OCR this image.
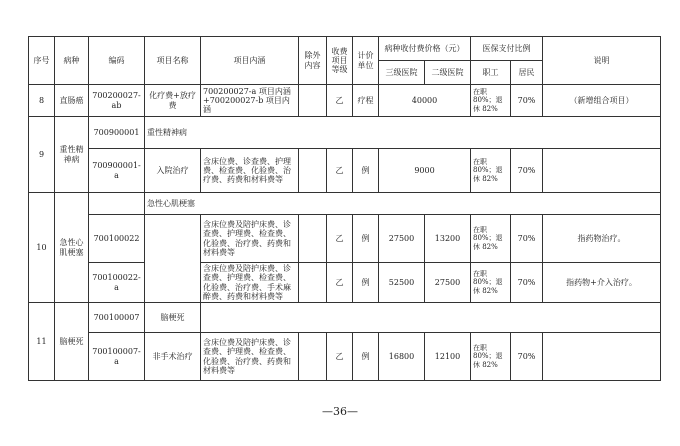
序号	病种	编码	项目名称	项目内涵	除外内容	收费项目等级	计价单位	病种收付费价格（元）		医保支付比例		说明
								三级医院	二级医院	职工	居民	
8	直肠癌	700200027-ab	化疗费+放疗费	700200027-a 项目内涵+700200027-b 项目内涵		乙	疗程	40000		在职80%；退休 82%	70%	（新增组合项目）
9	重性精神病	700900001	重性精神病									
		700900001-a	入院治疗	含床位费、诊查费、护理费、检查费、化验费、治疗费、药费和材料费等		乙	例	9000		在职80%；退休 82%	70%	
10	急性心肌梗塞		急性心肌梗塞									
		700100022		含床位费及陪护床费、诊查费、护理费、检查费、化验费、治疗费、药费和材料费等		乙	例	27500	13200	在职80%；退休 82%	70%	指药物治疗。
		700100022-a		含床位费及陪护床费、诊查费、护理费、检查费、化验费、治疗费、手术麻醉费、药费和材料费等		乙	例	52500	27500	在职80%；退休 82%	70%	指药物+介入治疗。
11	脑梗死	700100007	脑梗死									
		700100007-a	非手术治疗	含床位费及陪护床费、诊查费、护理费、检查费、化验费、治疗费、药费和材料费等		乙	例	16800	12100	在职80%；退休 82%	70%	
—36—
